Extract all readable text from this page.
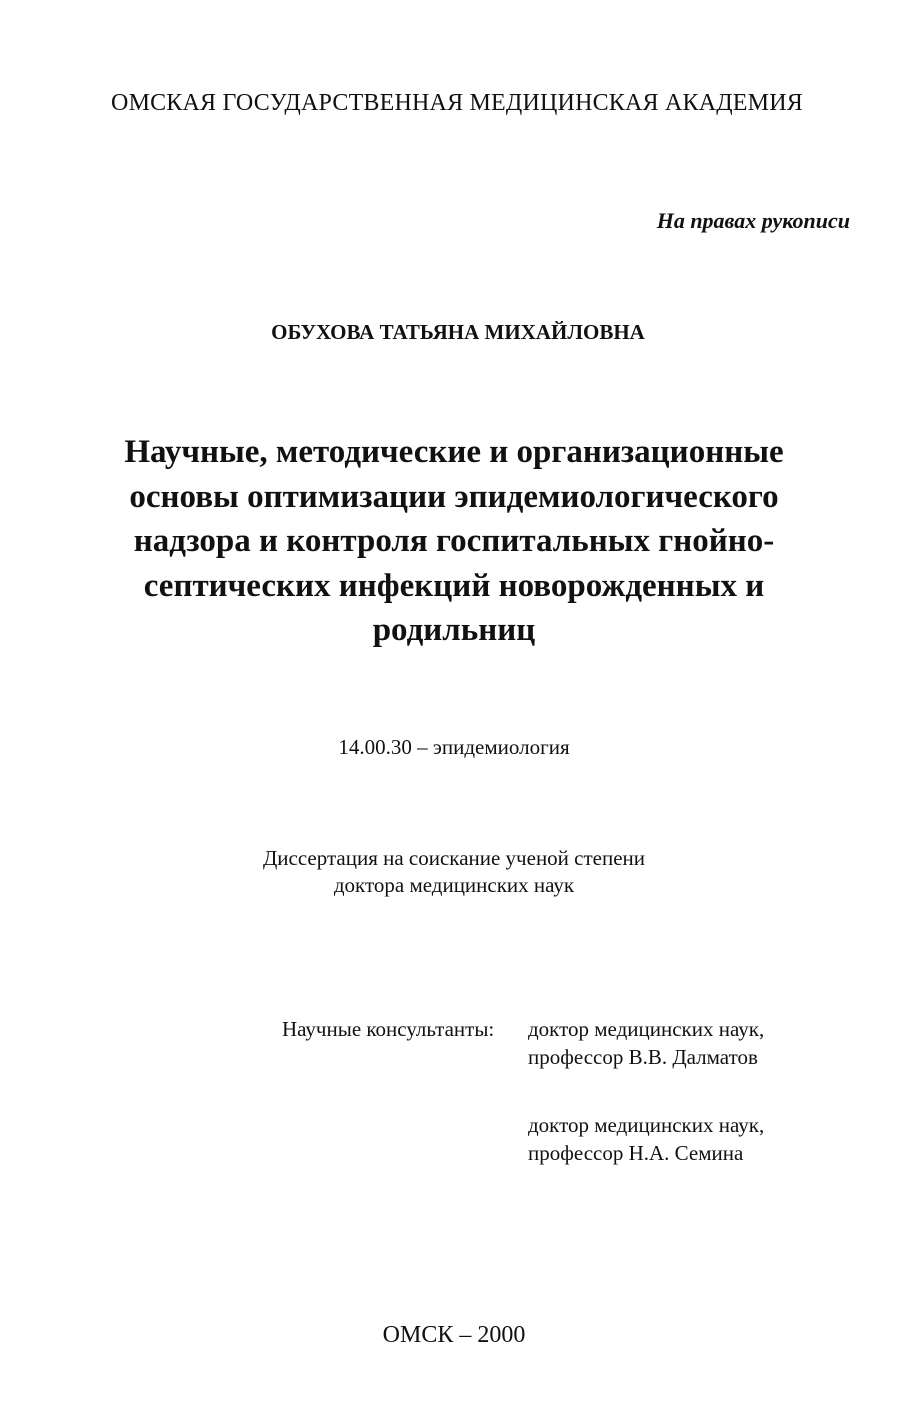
ОМСКАЯ ГОСУДАРСТВЕННАЯ МЕДИЦИНСКАЯ АКАДЕМИЯ
На правах рукописи
ОБУХОВА ТАТЬЯНА МИХАЙЛОВНА
Научные, методические и организационные
основы оптимизации эпидемиологического
надзора и контроля госпитальных гнойно-
септических инфекций новорожденных и
родильниц
14.00.30 – эпидемиология
Диссертация на соискание ученой степени
доктора медицинских наук
Научные консультанты:	доктор медицинских наук,
профессор В.В. Далматов
доктор медицинских наук,
профессор Н.А. Семина
ОМСК – 2000
